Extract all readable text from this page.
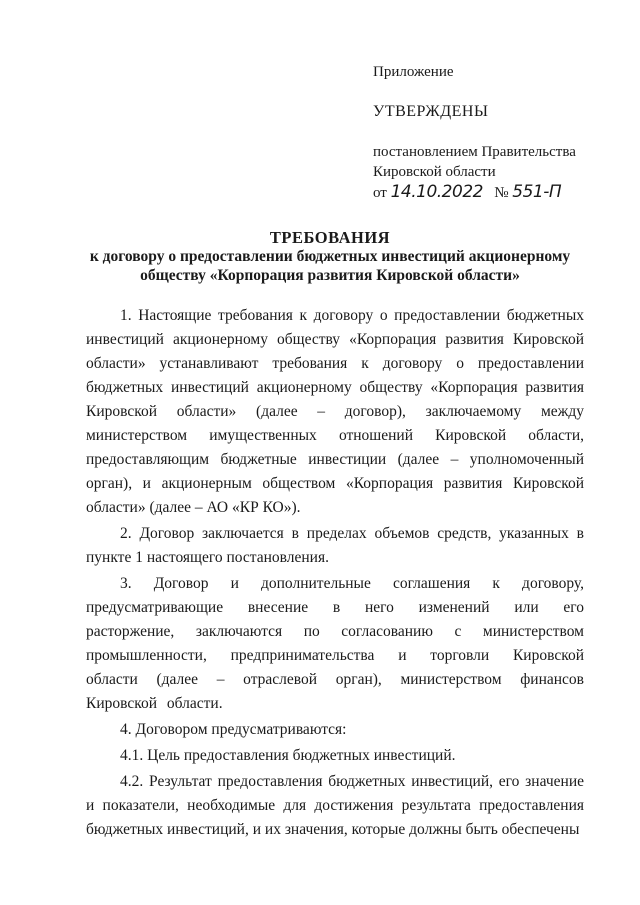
Приложение

УТВЕРЖДЕНЫ

постановлением Правительства

Кировской области

от 14.10.2022 № 551-П

ТРЕБОВАНИЯ
к договору о предоставлении бюджетных инвестиций акционерному
обществу «Корпорация развития Кировской области»

1. Настоящие требования к договору о предоставлении бюджетных инвестиций акционерному обществу «Корпорация развития Кировской области» устанавливают требования к договору о предоставлении бюджетных инвестиций акционерному обществу «Корпорация развития Кировской области» (далее – договор), заключаемому между министерством имущественных отношений Кировской области, предоставляющим бюджетные инвестиции (далее – уполномоченный орган), и акционерным обществом «Корпорация развития Кировской области» (далее – АО «КР КО»).

2. Договор заключается в пределах объемов средств, указанных в пункте 1 настоящего постановления.

3. Договор и дополнительные соглашения к договору, предусматривающие внесение в него изменений или его расторжение, заключаются по согласованию с министерством промышленности, предпринимательства и торговли Кировской области (далее – отраслевой орган), министерством финансов Кировской области.

4. Договором предусматриваются:

4.1. Цель предоставления бюджетных инвестиций.

4.2. Результат предоставления бюджетных инвестиций, его значение и показатели, необходимые для достижения результата предоставления бюджетных инвестиций, и их значения, которые должны быть обеспечены
